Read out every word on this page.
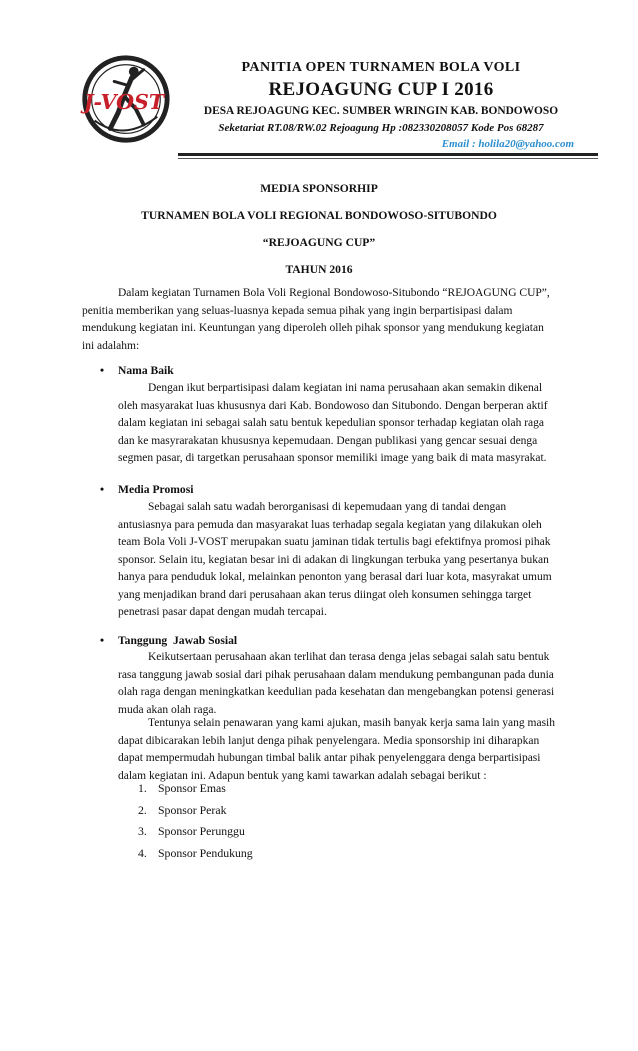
J-VOST
PANITIA OPEN TURNAMEN BOLA VOLI
REJOAGUNG CUP I 2016
DESA REJOAGUNG KEC. SUMBER WRINGIN KAB. BONDOWOSO
Seketariat RT.08/RW.02 Rejoagung Hp :082330208057 Kode Pos 68287
Email : holila20@yahoo.com
MEDIA SPONSORHIP
TURNAMEN BOLA VOLI REGIONAL BONDOWOSO-SITUBONDO
“REJOAGUNG CUP”
TAHUN 2016
Dalam kegiatan Turnamen Bola Voli Regional Bondowoso-Situbondo “REJOAGUNG CUP”,
penitia memberikan yang seluas-luasnya kepada semua pihak yang ingin berpartisipasi dalam
mendukung kegiatan ini. Keuntungan yang diperoleh olleh pihak sponsor yang mendukung kegiatan
ini adalahm:
• Nama Baik
Dengan ikut berpartisipasi dalam kegiatan ini nama perusahaan akan semakin dikenal
oleh masyarakat luas khususnya dari Kab. Bondowoso dan Situbondo. Dengan berperan aktif
dalam kegiatan ini sebagai salah satu bentuk kepedulian sponsor terhadap kegiatan olah raga
dan ke masyrarakatan khususnya kepemudaan. Dengan publikasi yang gencar sesuai denga
segmen pasar, di targetkan perusahaan sponsor memiliki image yang baik di mata masyrakat.
• Media Promosi
Sebagai salah satu wadah berorganisasi di kepemudaan yang di tandai dengan
antusiasnya para pemuda dan masyarakat luas terhadap segala kegiatan yang dilakukan oleh
team Bola Voli J-VOST merupakan suatu jaminan tidak tertulis bagi efektifnya promosi pihak
sponsor. Selain itu, kegiatan besar ini di adakan di lingkungan terbuka yang pesertanya bukan
hanya para penduduk lokal, melainkan penonton yang berasal dari luar kota, masyrakat umum
yang menjadikan brand dari perusahaan akan terus diingat oleh konsumen sehingga target
penetrasi pasar dapat dengan mudah tercapai.
• Tanggung  Jawab Sosial
Keikutsertaan perusahaan akan terlihat dan terasa denga jelas sebagai salah satu bentuk
rasa tanggung jawab sosial dari pihak perusahaan dalam mendukung pembangunan pada dunia
olah raga dengan meningkatkan keedulian pada kesehatan dan mengebangkan potensi generasi
muda akan olah raga.
Tentunya selain penawaran yang kami ajukan, masih banyak kerja sama lain yang masih
dapat dibicarakan lebih lanjut denga pihak penyelengara. Media sponsorship ini diharapkan
dapat mempermudah hubungan timbal balik antar pihak penyelenggara denga berpartisipasi
dalam kegiatan ini. Adapun bentuk yang kami tawarkan adalah sebagai berikut :
1. Sponsor Emas
2. Sponsor Perak
3. Sponsor Perunggu
4. Sponsor Pendukung
